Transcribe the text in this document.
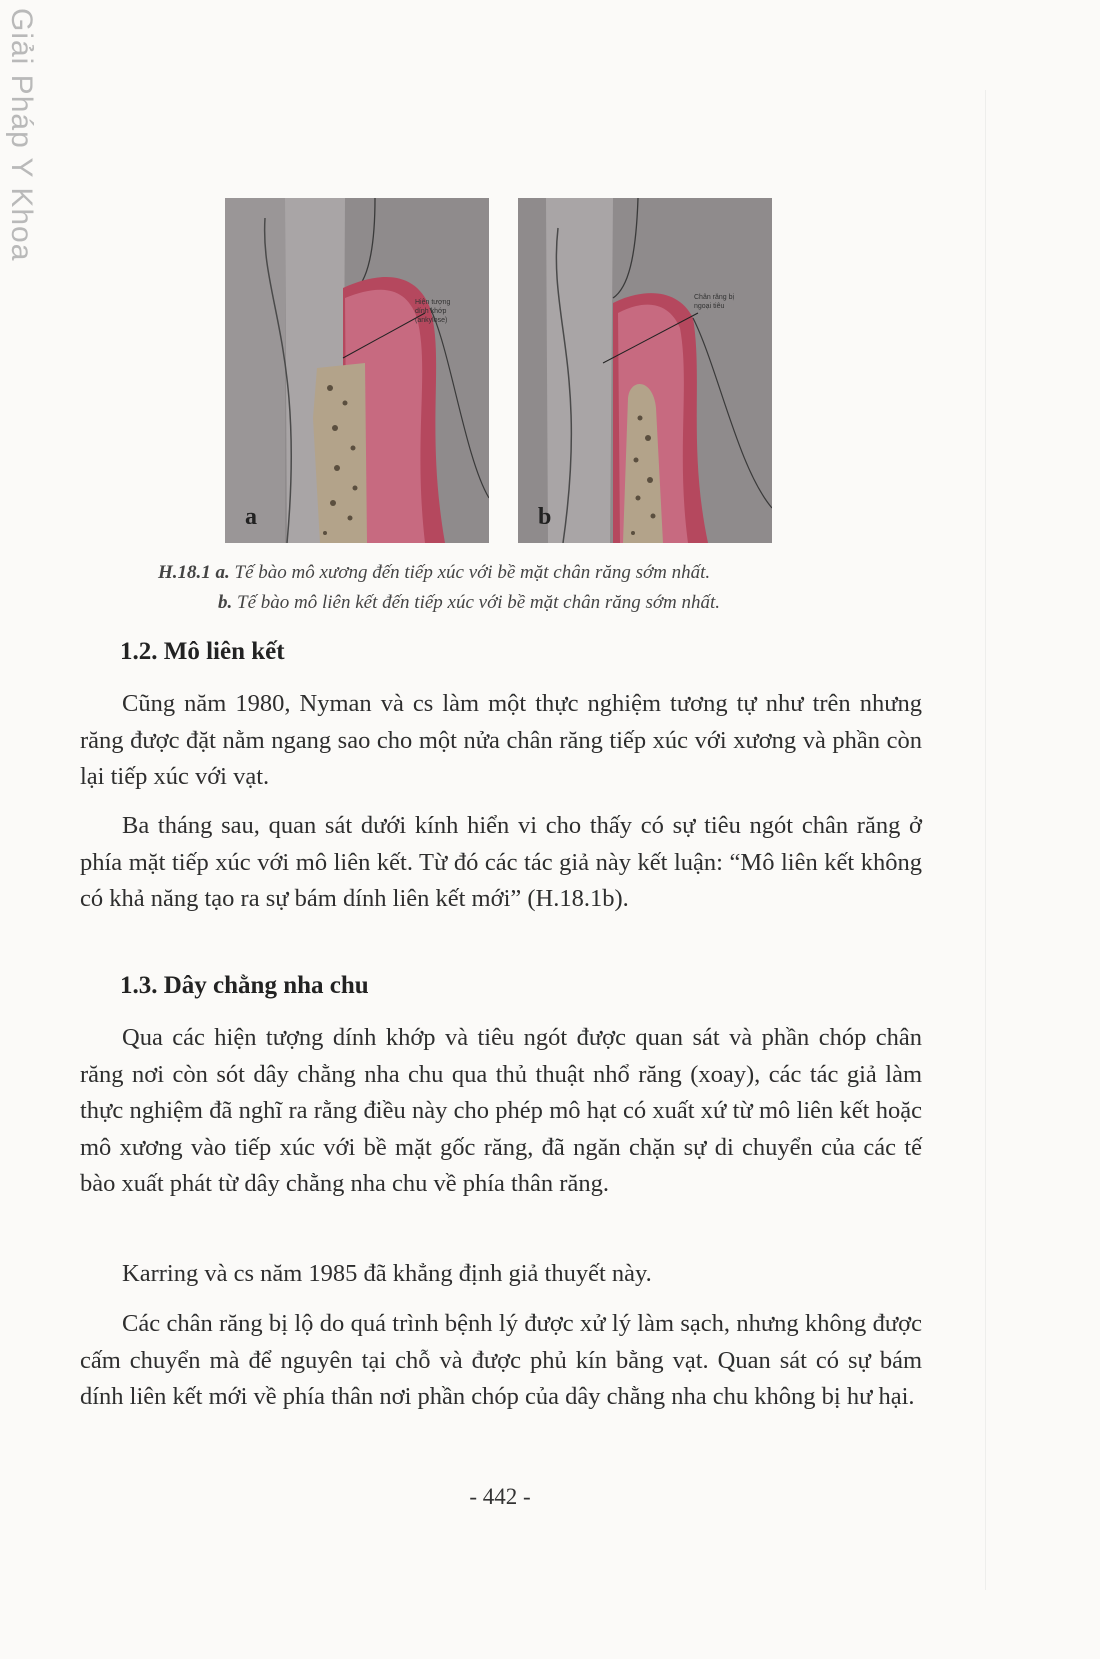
Giải Pháp Y Khoa
Hiện tượng
dính khớp
(ankylose)
a
Chân răng bị
ngoại tiêu
b
H.18.1 a. Tế bào mô xương đến tiếp xúc với bề mặt chân răng sớm nhất.
b. Tế bào mô liên kết đến tiếp xúc với bề mặt chân răng sớm nhất.
1.2. Mô liên kết

Cũng năm 1980, Nyman và cs làm một thực nghiệm tương tự như trên nhưng răng được đặt nằm ngang sao cho một nửa chân răng tiếp xúc với xương và phần còn lại tiếp xúc với vạt.

Ba tháng sau, quan sát dưới kính hiển vi cho thấy có sự tiêu ngót chân răng ở phía mặt tiếp xúc với mô liên kết. Từ đó các tác giả này kết luận: “Mô liên kết không có khả năng tạo ra sự bám dính liên kết mới” (H.18.1b).

1.3. Dây chằng nha chu

Qua các hiện tượng dính khớp và tiêu ngót được quan sát và phần chóp chân răng nơi còn sót dây chằng nha chu qua thủ thuật nhổ răng (xoay), các tác giả làm thực nghiệm đã nghĩ ra rằng điều này cho phép mô hạt có xuất xứ từ mô liên kết hoặc mô xương vào tiếp xúc với bề mặt gốc răng, đã ngăn chặn sự di chuyển của các tế bào xuất phát từ dây chằng nha chu về phía thân răng.

Karring và cs năm 1985 đã khẳng định giả thuyết này.

Các chân răng bị lộ do quá trình bệnh lý được xử lý làm sạch, nhưng không được cấm chuyển mà để nguyên tại chỗ và được phủ kín bằng vạt. Quan sát có sự bám dính liên kết mới về phía thân nơi phần chóp của dây chằng nha chu không bị hư hại.

- 442 -
